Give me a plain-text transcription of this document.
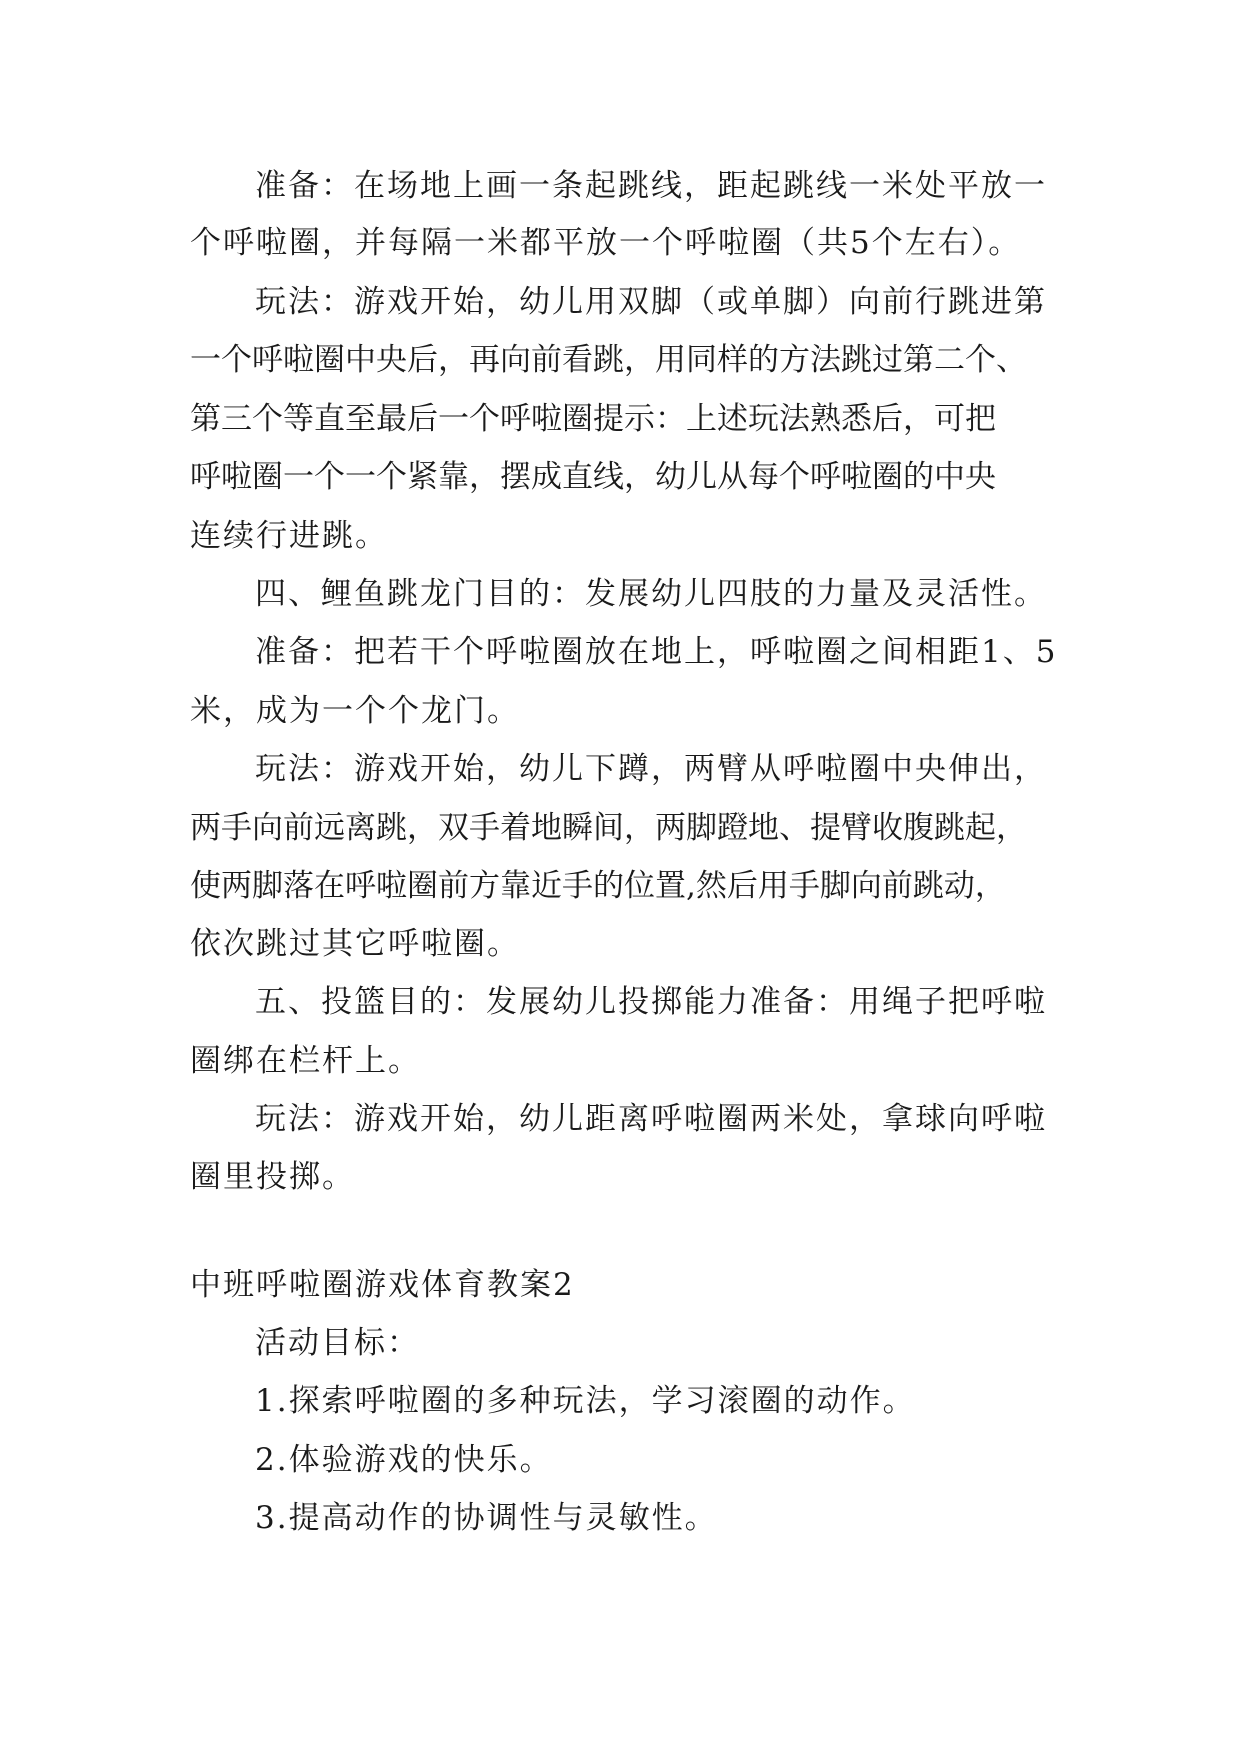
准备：在场地上画一条起跳线，距起跳线一米处平放一
个呼啦圈，并每隔一米都平放一个呼啦圈（共5个左右）。
玩法：游戏开始，幼儿用双脚（或单脚）向前行跳进第
一个呼啦圈中央后，再向前看跳，用同样的方法跳过第二个、
第三个等直至最后一个呼啦圈提示：上述玩法熟悉后，可把
呼啦圈一个一个紧靠，摆成直线，幼儿从每个呼啦圈的中央
连续行进跳。
四、鲤鱼跳龙门目的：发展幼儿四肢的力量及灵活性。
准备：把若干个呼啦圈放在地上，呼啦圈之间相距1、5
米，成为一个个龙门。
玩法：游戏开始，幼儿下蹲，两臂从呼啦圈中央伸出，
两手向前远离跳，双手着地瞬间，两脚蹬地、提臂收腹跳起，
使两脚落在呼啦圈前方靠近手的位置,然后用手脚向前跳动，
依次跳过其它呼啦圈。
五、投篮目的：发展幼儿投掷能力准备：用绳子把呼啦
圈绑在栏杆上。
玩法：游戏开始，幼儿距离呼啦圈两米处，拿球向呼啦
圈里投掷。
中班呼啦圈游戏体育教案2
活动目标：
1.探索呼啦圈的多种玩法，学习滚圈的动作。
2.体验游戏的快乐。
3.提高动作的协调性与灵敏性。
